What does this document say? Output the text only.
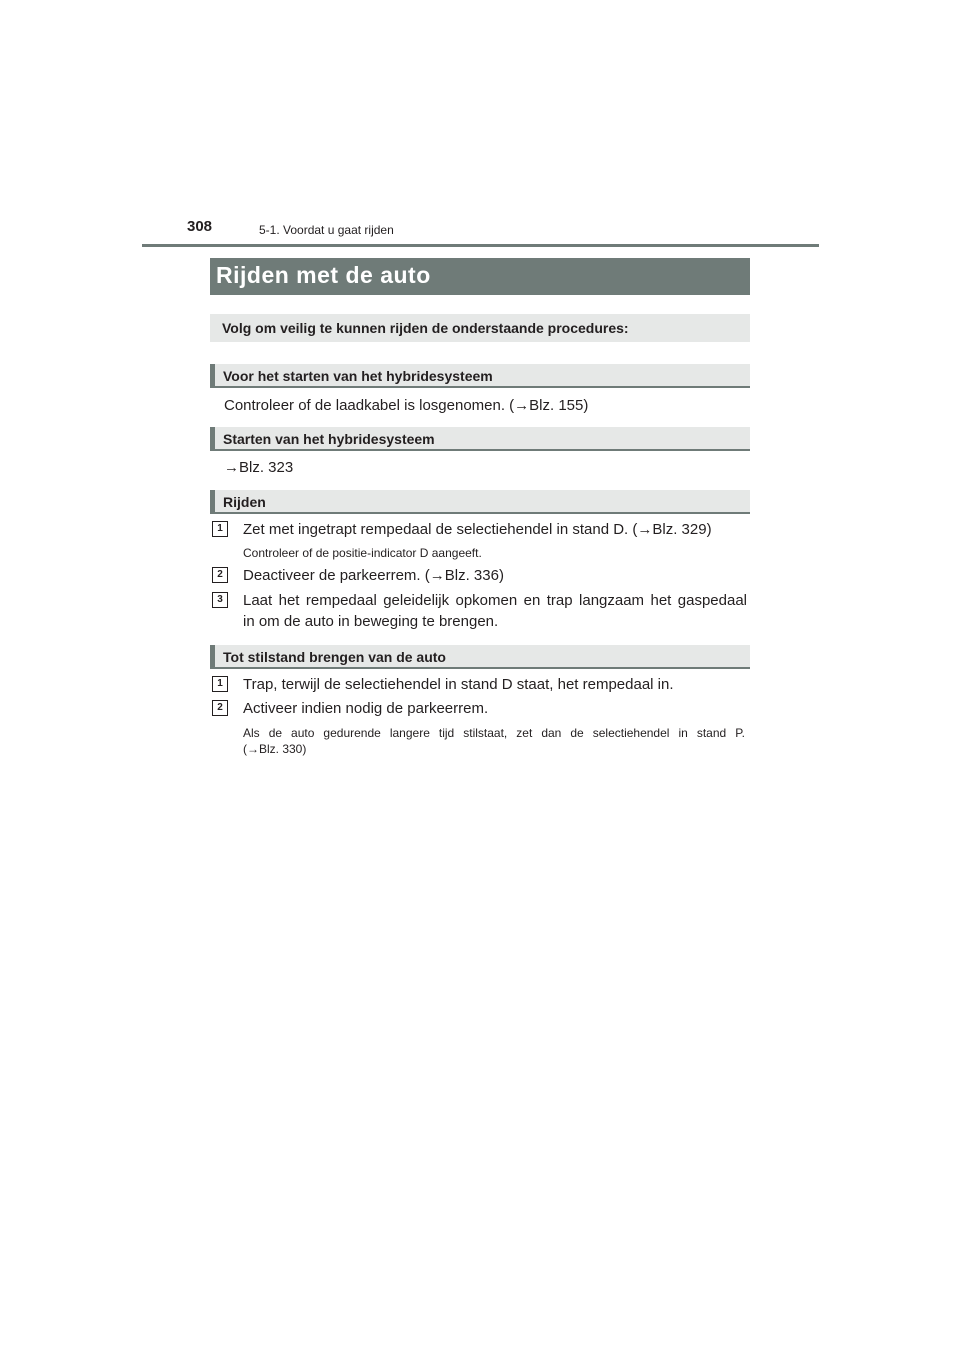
308	5-1. Voordat u gaat rijden
Rijden met de auto
Volg om veilig te kunnen rijden de onderstaande procedures:
Voor het starten van het hybridesysteem
Controleer of de laadkabel is losgenomen. (→Blz. 155)
Starten van het hybridesysteem
→Blz. 323
Rijden
1	Zet met ingetrapt rempedaal de selectiehendel in stand D. (→Blz. 329)
Controleer of de positie-indicator D aangeeft.
2	Deactiveer de parkeerrem. (→Blz. 336)
3	Laat het rempedaal geleidelijk opkomen en trap langzaam het gaspedaal
in om de auto in beweging te brengen.
Tot stilstand brengen van de auto
1	Trap, terwijl de selectiehendel in stand D staat, het rempedaal in.
2	Activeer indien nodig de parkeerrem.
Als de auto gedurende langere tijd stilstaat, zet dan de selectiehendel in stand P.
(→Blz. 330)
